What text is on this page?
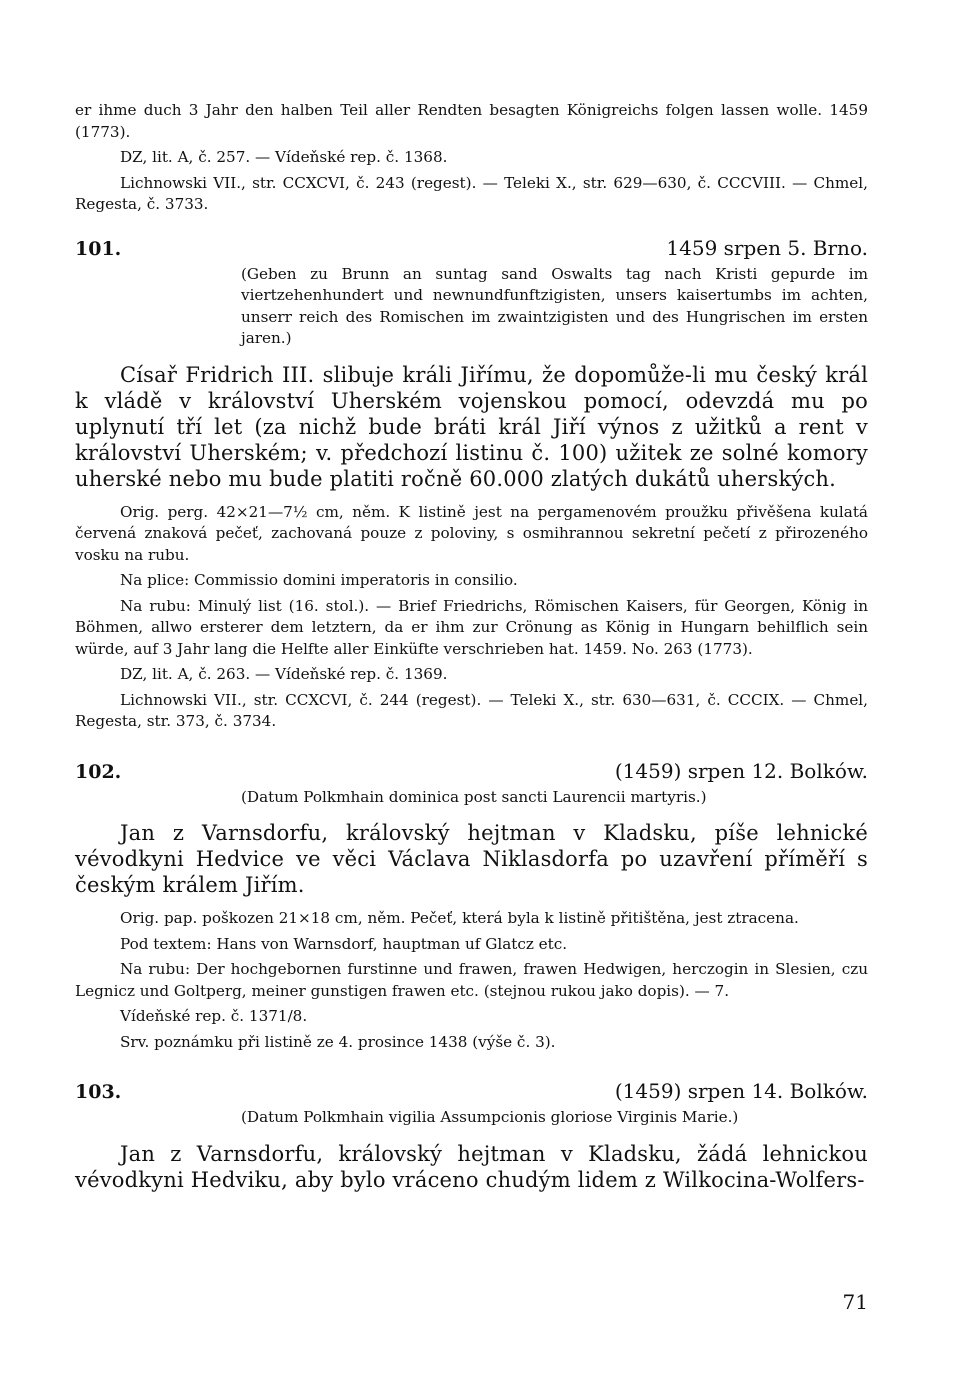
er ihme duch 3 Jahr den halben Teil aller Rendten besagten Königreichs folgen lassen wolle. 1459 (1773).

DZ, lit. A, č. 257. — Vídeňské rep. č. 1368.

Lichnowski VII., str. CCXCVI, č. 243 (regest). — Teleki X., str. 629—630, č. CCCVIII. — Chmel, Regesta, č. 3733.

101.	1459 srpen 5. Brno.

(Geben zu Brunn an suntag sand Oswalts tag nach Kristi gepurde im viertzehenhundert und newnundfunftzigisten, unsers kaisertumbs im achten, unserr reich des Romischen im zwaintzigisten und des Hungrischen im ersten jaren.)

Císař Fridrich III. slibuje králi Jiřímu, že dopomůže-li mu český král k vládě v království Uherském vojenskou pomocí, odevzdá mu po uplynutí tří let (za nichž bude bráti král Jiří výnos z užitků a rent v království Uherském; v. předchozí listinu č. 100) užitek ze solné komory uherské nebo mu bude platiti ročně 60.000 zlatých dukátů uherských.

Orig. perg. 42×21—7½ cm, něm. K listině jest na pergamenovém proužku přivěšena kulatá červená znaková pečeť, zachovaná pouze z poloviny, s osmihrannou sekretní pečetí z přirozeného vosku na rubu.

Na plice: Commissio domini imperatoris in consilio.

Na rubu: Minulý list (16. stol.). — Brief Friedrichs, Römischen Kaisers, für Georgen, König in Böhmen, allwo ersterer dem letztern, da er ihm zur Crönung as König in Hungarn behilflich sein würde, auf 3 Jahr lang die Helfte aller Einküfte verschrieben hat. 1459. No. 263 (1773).

DZ, lit. A, č. 263. — Vídeňské rep. č. 1369.

Lichnowski VII., str. CCXCVI, č. 244 (regest). — Teleki X., str. 630—631, č. CCCIX. — Chmel, Regesta, str. 373, č. 3734.

102.	(1459) srpen 12. Bolków.

(Datum Polkmhain dominica post sancti Laurencii martyris.)

Jan z Varnsdorfu, královský hejtman v Kladsku, píše lehnické vévodkyni Hedvice ve věci Václava Niklasdorfa po uzavření příměří s českým králem Jiřím.

Orig. pap. poškozen 21×18 cm, něm. Pečeť, která byla k listině přitištěna, jest ztracena.

Pod textem: Hans von Warnsdorf, hauptman uf Glatcz etc.

Na rubu: Der hochgebornen furstinne und frawen, frawen Hedwigen, herczogin in Slesien, czu Legnicz und Goltperg, meiner gunstigen frawen etc. (stejnou rukou jako dopis). — 7.

Vídeňské rep. č. 1371/8.

Srv. poznámku při listině ze 4. prosince 1438 (výše č. 3).

103.	(1459) srpen 14. Bolków.

(Datum Polkmhain vigilia Assumpcionis gloriose Virginis Marie.)

Jan z Varnsdorfu, královský hejtman v Kladsku, žádá lehnickou vévodkyni Hedviku, aby bylo vráceno chudým lidem z Wilkocina-Wolfers-

71
